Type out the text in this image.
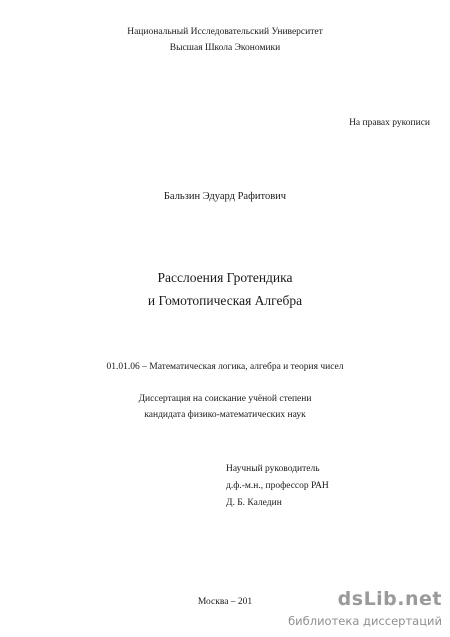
Национальный Исследовательский Университет
Высшая Школа Экономики
На правах рукописи
Бальзин Эдуард Рафитович
Расслоения Гротендика
и Гомотопическая Алгебра
01.01.06 – Математическая логика, алгебра и теория чисел
Диссертация на соискание учёной степени
кандидата физико-математических наук
Научный руководитель
д.ф.-м.н., профессор РАН
Д. Б. Каледин
Москва – 201	dsLib.net
библиотека диссертаций
